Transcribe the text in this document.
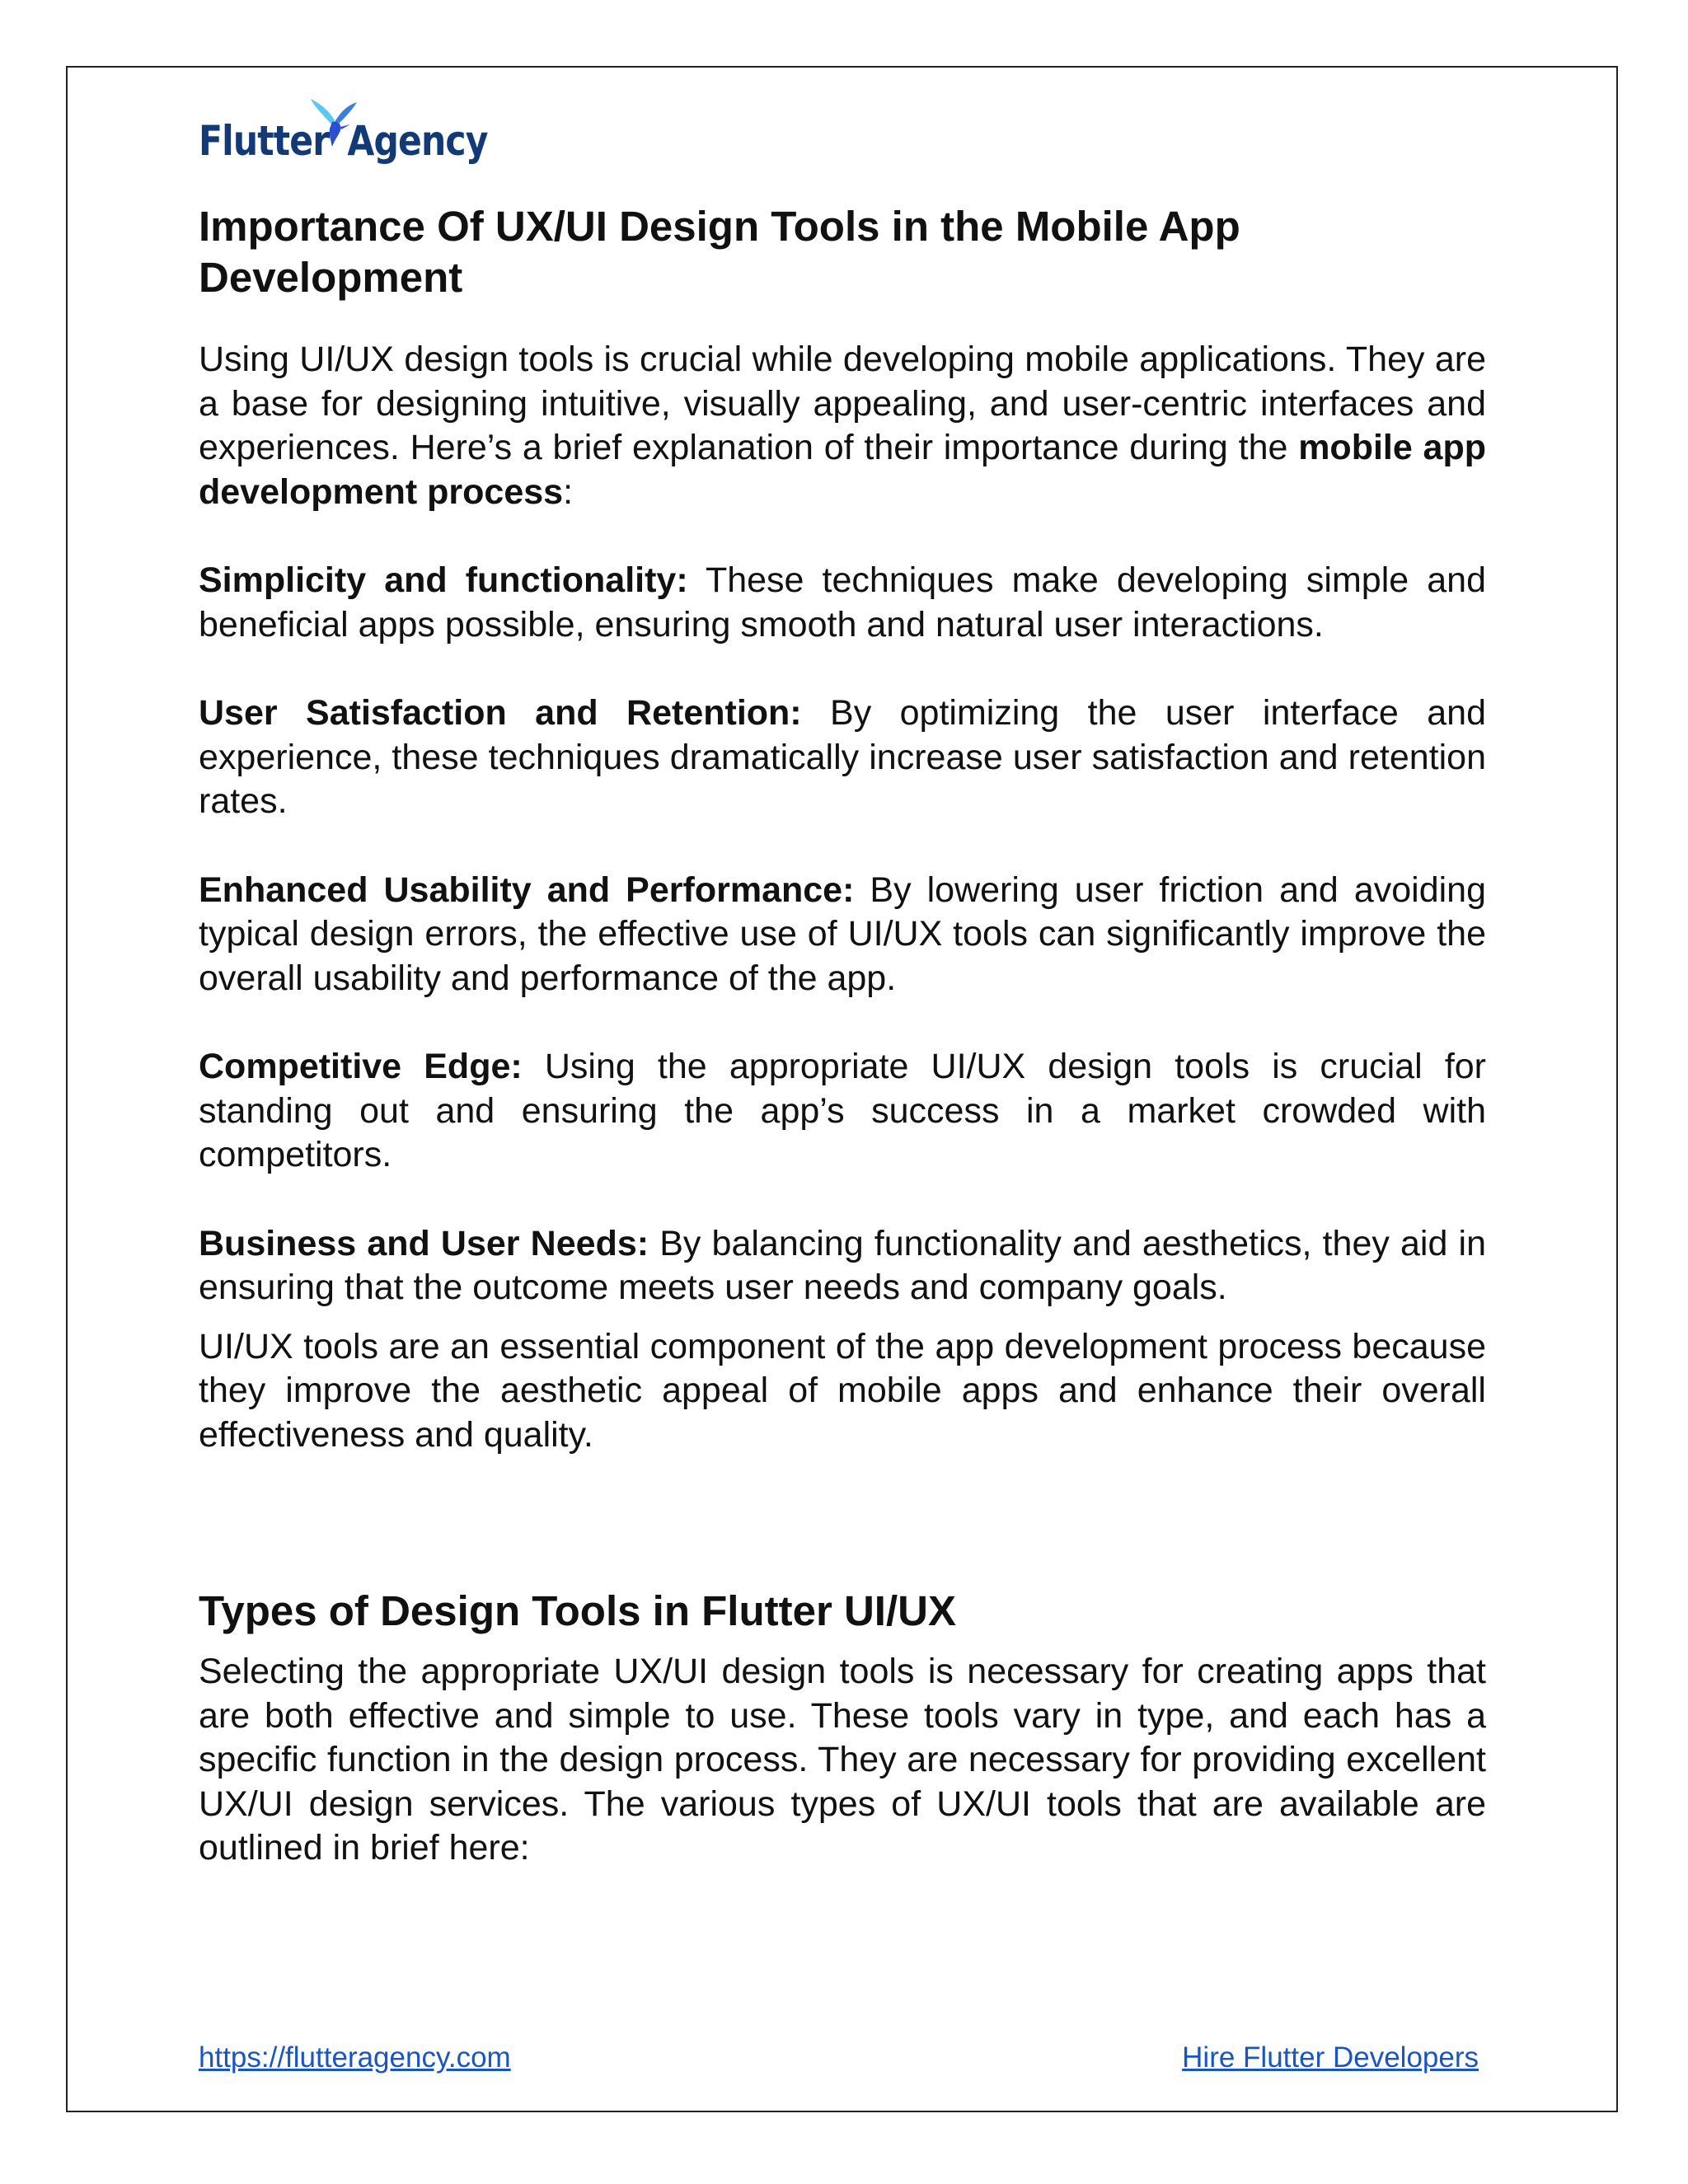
Flutter Agency
Importance Of UX/UI Design Tools in the Mobile App Development

Using UI/UX design tools is crucial while developing mobile applications. They are a base for designing intuitive, visually appealing, and user-centric interfaces and experiences. Here’s a brief explanation of their importance during the mobile app development process:

Simplicity and functionality: These techniques make developing simple and beneficial apps possible, ensuring smooth and natural user interactions.

User Satisfaction and Retention: By optimizing the user interface and experience, these techniques dramatically increase user satisfaction and retention rates.

Enhanced Usability and Performance: By lowering user friction and avoiding typical design errors, the effective use of UI/UX tools can significantly improve the overall usability and performance of the app.

Competitive Edge: Using the appropriate UI/UX design tools is crucial for standing out and ensuring the app’s success in a market crowded with competitors.

Business and User Needs: By balancing functionality and aesthetics, they aid in ensuring that the outcome meets user needs and company goals.

UI/UX tools are an essential component of the app development process because they improve the aesthetic appeal of mobile apps and enhance their overall effectiveness and quality.

Types of Design Tools in Flutter UI/UX

Selecting the appropriate UX/UI design tools is necessary for creating apps that are both effective and simple to use. These tools vary in type, and each has a specific function in the design process. They are necessary for providing excellent UX/UI design services. The various types of UX/UI tools that are available are outlined in brief here:

https://flutteragency.com	Hire Flutter Developers
